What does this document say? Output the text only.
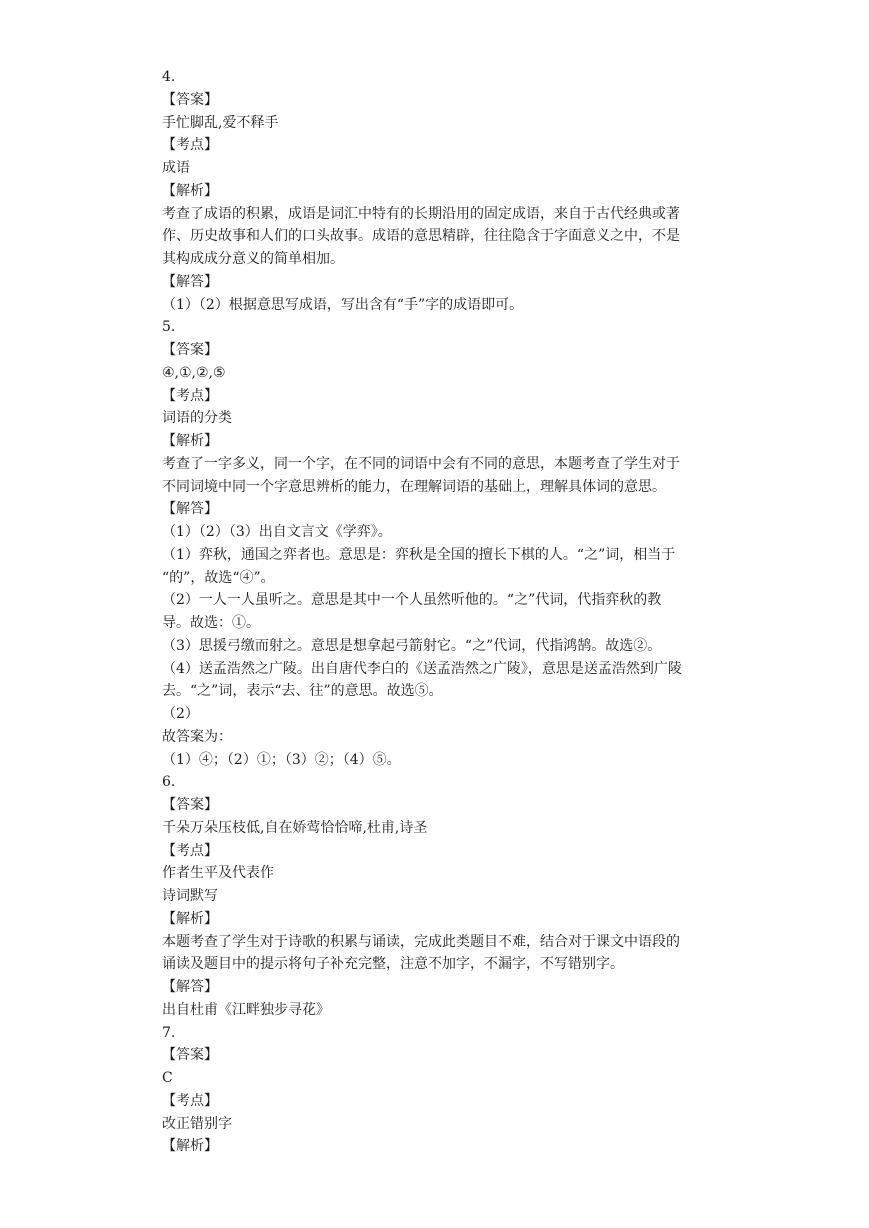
4.
【答案】
手忙脚乱,爱不释手
【考点】
成语
【解析】
考查了成语的积累，成语是词汇中特有的长期沿用的固定成语，来自于古代经典或著
作、历史故事和人们的口头故事。成语的意思精辟，往往隐含于字面意义之中，不是
其构成成分意义的简单相加。
【解答】
（1）（2）根据意思写成语，写出含有“手”字的成语即可。
5.
【答案】
④,①,②,⑤
【考点】
词语的分类
【解析】
考查了一字多义，同一个字，在不同的词语中会有不同的意思，本题考查了学生对于
不同词境中同一个字意思辨析的能力，在理解词语的基础上，理解具体词的意思。
【解答】
（1）（2）（3）出自文言文《学弈》。
（1）弈秋，通国之弈者也。意思是：弈秋是全国的擅长下棋的人。“之”词，相当于
“的”，故选“④”。
（2）一人一人虽听之。意思是其中一个人虽然听他的。“之”代词，代指弈秋的教
导。故选：①。
（3）思援弓缴而射之。意思是想拿起弓箭射它。“之”代词，代指鸿鹄。故选②。
（4）送孟浩然之广陵。出自唐代李白的《送孟浩然之广陵》，意思是送孟浩然到广陵
去。“之”词，表示“去、往”的意思。故选⑤。
（2）
故答案为：
（1）④；（2）①；（3）②；（4）⑤。
6.
【答案】
千朵万朵压枝低,自在娇莺恰恰啼,杜甫,诗圣
【考点】
作者生平及代表作
诗词默写
【解析】
本题考查了学生对于诗歌的积累与诵读，完成此类题目不难，结合对于课文中语段的
诵读及题目中的提示将句子补充完整，注意不加字，不漏字，不写错别字。
【解答】
出自杜甫《江畔独步寻花》
7.
【答案】
C
【考点】
改正错别字
【解析】
